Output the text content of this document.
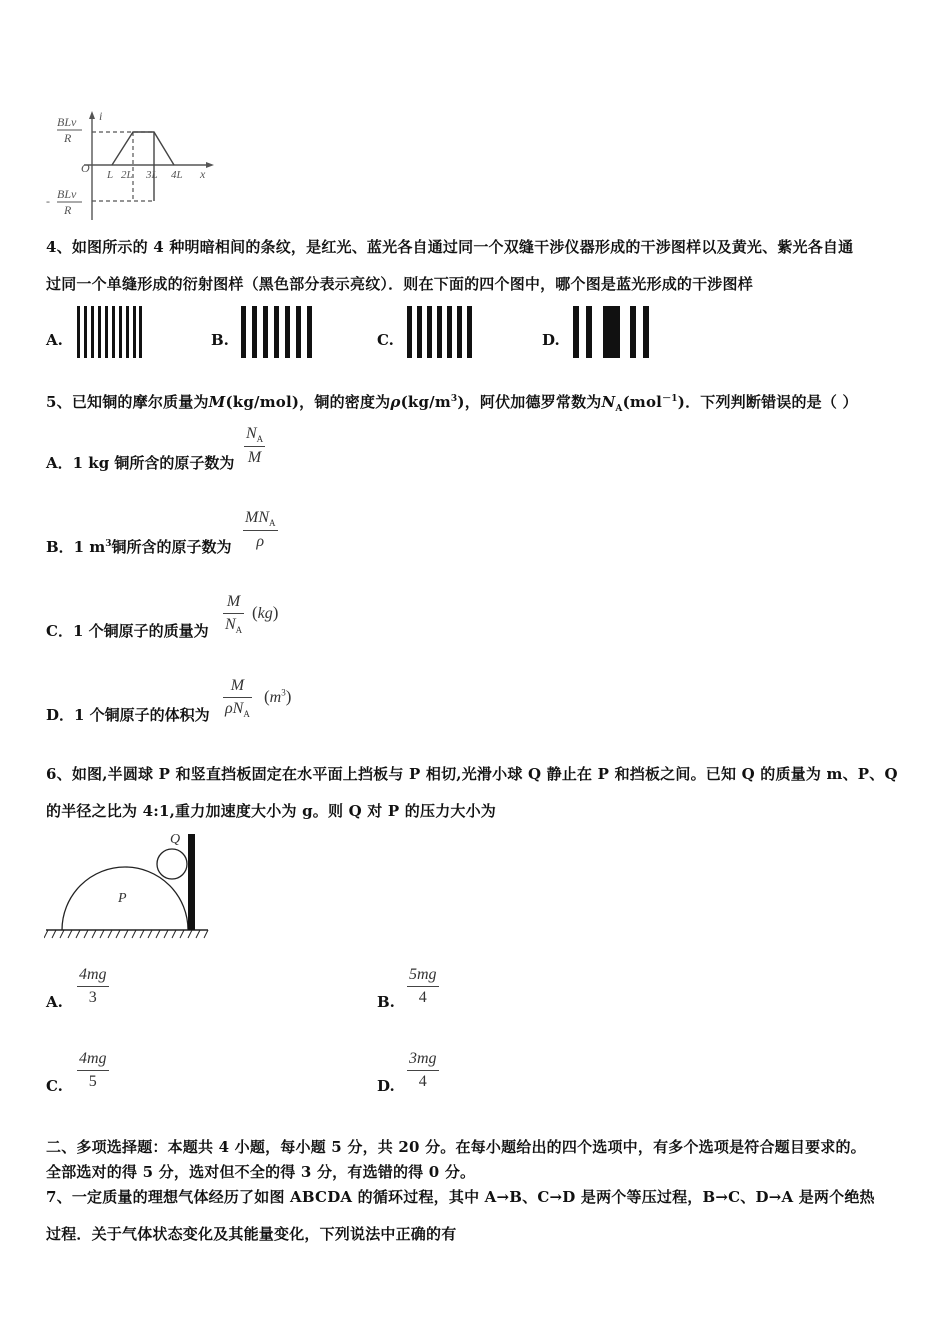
i
x
O
BLv
R
- BLv
R
L 2L 3L 4L
4、如图所示的 4 种明暗相间的条纹，是红光、蓝光各自通过同一个双缝干涉仪器形成的干涉图样以及黄光、紫光各自通
过同一个单缝形成的衍射图样（黑色部分表示亮纹）．则在下面的四个图中，哪个图是蓝光形成的干涉图样
A.	B.	C.	D.
5、已知铜的摩尔质量为M(kg/mol)，铜的密度为$\rho(kg/m^3)$，阿伏加德罗常数为$N_A(mol^{-1})$．下列判断错误的是（ ）
A．1 kg 铜所含的原子数为
$N_A$
M
B．1 $m^3$铜所含的原子数为
$MN_A$
ρ
C．1 个铜原子的质量为
M
$N_A$
(kg)
D．1 个铜原子的体积为
M
$\rho N_A$
$(m^3)$
6、如图,半圆球 P 和竖直挡板固定在水平面上挡板与 P 相切,光滑小球 Q 静止在 P 和挡板之间。已知 Q 的质量为 m、P、Q
的半径之比为 4:1,重力加速度大小为 g。则 Q 对 P 的压力大小为
P
Q
A.
4mg
3	B.
5mg
4
C.
4mg
5	D.
3mg
4
二、多项选择题：本题共 4 小题，每小题 5 分，共 20 分。在每小题给出的四个选项中，有多个选项是符合题目要求的。
全部选对的得 5 分，选对但不全的得 3 分，有选错的得 0 分。
7、一定质量的理想气体经历了如图 ABCDA 的循环过程，其中 A→B、C→D 是两个等压过程，B→C、D→A 是两个绝热
过程．关于气体状态变化及其能量变化，下列说法中正确的有
